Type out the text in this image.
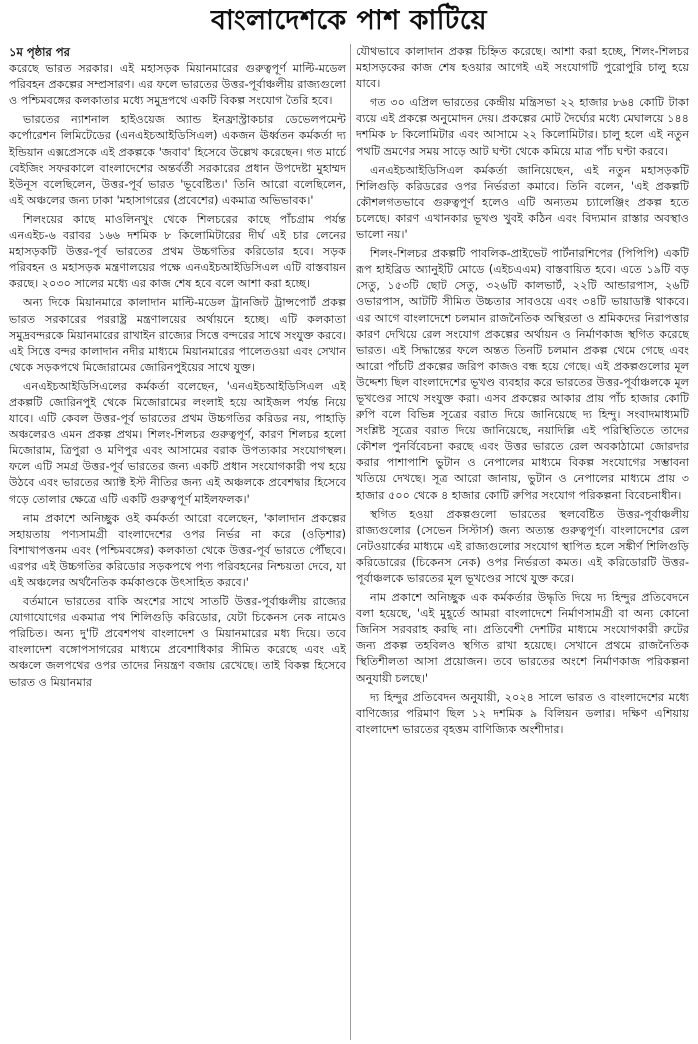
বাংলাদেশকে পাশ কাটিয়ে
১ম পৃষ্ঠার পর

করেছে ভারত সরকার। এই মহাসড়ক মিয়ানমারের গুরুত্বপূর্ণ মাল্টি-মডেল পরিবহন প্রকল্পের সম্প্রসারণ। এর ফলে ভারতের উত্তর-পূর্বাঞ্চলীয় রাজ্যগুলো ও পশ্চিমবঙ্গের কলকাতার মধ্যে সমুদ্রপথে একটি বিকল্প সংযোগ তৈরি হবে।

ভারতের ন্যাশনাল হাইওয়েজ অ্যান্ড ইনফ্রাস্ট্রাকচার ডেভেলপমেন্ট কর্পোরেশন লিমিটেডের (এনএইচআইডিসিএল) একজন ঊর্ধ্বতন কর্মকর্তা দ্য ইন্ডিয়ান এক্সপ্রেসকে এই প্রকল্পকে 'জবাব' হিসেবে উল্লেখ করেছেন। গত মার্চে বেইজিং সফরকালে বাংলাদেশের অন্তর্বর্তী সরকারের প্রধান উপদেষ্টা মুহাম্মদ ইউনূস বলেছিলেন, উত্তর-পূর্ব ভারত 'ভূবেষ্টিত।' তিনি আরো বলেছিলেন, এই অঞ্চলের জন্য ঢাকা 'মহাসাগরের (প্রবেশের) একমাত্র অভিভাবক।'

শিলংয়ের কাছে মাওলিনখুং থেকে শিলচরের কাছে পাঁচগ্রাম পর্যন্ত এনএইচ-৬ বরাবর ১৬৬ দশমিক ৮ কিলোমিটারের দীর্ঘ এই চার লেনের মহাসড়কটি উত্তর-পূর্ব ভারতের প্রথম উচ্চগতির করিডোর হবে। সড়ক পরিবহন ও মহাসড়ক মন্ত্রণালয়ের পক্ষে এনএইচআইডিসিএল এটি বাস্তবায়ন করছে। ২০৩০ সালের মধ্যে এর কাজ শেষ হবে বলে আশা করা হচ্ছে।

অন্য দিকে মিয়ানমারে কালাদান মাল্টি-মডেল ট্রানজিট ট্রান্সপোর্ট প্রকল্প ভারত সরকারের পররাষ্ট্র মন্ত্রণালয়ের অর্থায়নে হচ্ছে। এটি কলকাতা সমুদ্রবন্দরকে মিয়ানমারের রাখাইন রাজ্যের সিত্তে বন্দরের সাথে সংযুক্ত করবে। এই সিত্তে বন্দর কালাদান নদীর মাধ্যমে মিয়ানমারের পালেতওয়া এবং সেখান থেকে সড়কপথে মিজোরামের জোরিনপুইয়ের সাথে যুক্ত।

এনএইচআইডিসিএলের কর্মকর্তা বলেছেন, 'এনএইচআইডিসিএল এই প্রকল্পটি জোরিনপুই থেকে মিজোরামের লংলাই হয়ে আইজল পর্যন্ত নিয়ে যাবে। এটি কেবল উত্তর-পূর্ব ভারতের প্রথম উচ্চগতির করিডর নয়, পাহাড়ি অঞ্চলেরও এমন প্রকল্প প্রথম। শিলং-শিলচর গুরুত্বপূর্ণ, কারণ শিলচর হলো মিজোরাম, ত্রিপুরা ও মণিপুর এবং আসামের বরাক উপত্যকার সংযোগস্থল। ফলে এটি সমগ্র উত্তর-পূর্ব ভারতের জন্য একটি প্রধান সংযোগকারী পথ হয়ে উঠবে এবং ভারতের অ্যাক্ট ইস্ট নীতির জন্য এই অঞ্চলকে প্রবেশদ্বার হিসেবে গড়ে তোলার ক্ষেত্রে এটি একটি গুরুত্বপূর্ণ মাইলফলক।'

নাম প্রকাশে অনিচ্ছুক ওই কর্মকর্তা আরো বলেছেন, 'কালাদান প্রকল্পের সহায়তায় পণ্যসামগ্রী বাংলাদেশের ওপর নির্ভর না করে (ওড়িশার) বিশাখাপত্তনম এবং (পশ্চিমবঙ্গের) কলকাতা থেকে উত্তর-পূর্ব ভারতে পৌঁছবে। এরপর এই উচ্চগতির করিডোর সড়কপথে পণ্য পরিবহনের নিশ্চয়তা দেবে, যা এই অঞ্চলের অর্থনৈতিক কর্মকাণ্ডকে উৎসাহিত করবে।'

বর্তমানে ভারতের বাকি অংশের সাথে সাতটি উত্তর-পূর্বাঞ্চলীয় রাজ্যের যোগাযোগের একমাত্র পথ শিলিগুড়ি করিডোর, যেটা চিকেনস নেক নামেও পরিচিত। অন্য দু'টি প্রবেশপথ বাংলাদেশ ও মিয়ানমারের মধ্য দিয়ে। তবে বাংলাদেশ বঙ্গোপসাগরের মাধ্যমে প্রবেশাধিকার সীমিত করেছে এবং এই অঞ্চলে জলপথের ওপর তাদের নিয়ন্ত্রণ বজায় রেখেছে। তাই বিকল্প হিসেবে ভারত ও মিয়ানমার

যৌথভাবে কালাদান প্রকল্প চিহ্নিত করেছে। আশা করা হচ্ছে, শিলং-শিলচর মহাসড়কের কাজ শেষ হওয়ার আগেই এই সংযোগটি পুরোপুরি চালু হয়ে যাবে।

গত ৩০ এপ্রিল ভারতের কেন্দ্রীয় মন্ত্রিসভা ২২ হাজার ৮৬৪ কোটি টাকা ব্যয়ে এই প্রকল্পে অনুমোদন দেয়। প্রকল্পের মোট দৈর্ঘ্যের মধ্যে মেঘালয়ে ১৪৪ দশমিক ৮ কিলোমিটার এবং আসামে ২২ কিলোমিটার। চালু হলে এই নতুন পথটি ভ্রমণের সময় সাড়ে আট ঘণ্টা থেকে কমিয়ে মাত্র পাঁচ ঘণ্টা করবে।

এনএইচআইডিসিএল কর্মকর্তা জানিয়েছেন, এই নতুন মহাসড়কটি শিলিগুড়ি করিডরের ওপর নির্ভরতা কমাবে। তিনি বলেন, 'এই প্রকল্পটি কৌশলগতভাবে গুরুত্বপূর্ণ হলেও এটি অন্যতম চ্যালেঞ্জিং প্রকল্প হতে চলেছে। কারণ এখানকার ভূখণ্ড খুবই কঠিন এবং বিদ্যমান রাস্তার অবস্থাও ভালো নয়।'

শিলং-শিলচর প্রকল্পটি পাবলিক-প্রাইভেট পার্টনারশিপের (পিপিপি) একটি রূপ হাইব্রিড অ্যানুইটি মোডে (এইচএএম) বাস্তবায়িত হবে। এতে ১৯টি বড় সেতু, ১৫৩টি ছোট সেতু, ৩২৬টি কালভার্ট, ২২টি আন্ডারপাস, ২৬টি ওভারপাস, আটটি সীমিত উচ্চতার সাবওয়ে এবং ৩৪টি ভায়াডাক্ট থাকবে। এর আগে বাংলাদেশে চলমান রাজনৈতিক অস্থিরতা ও শ্রমিকদের নিরাপত্তার কারণ দেখিয়ে রেল সংযোগ প্রকল্পের অর্থায়ন ও নির্মাণকাজ স্থগিত করেছে ভারত। এই সিদ্ধান্তের ফলে অন্তত তিনটি চলমান প্রকল্প থেমে গেছে এবং আরো পাঁচটি প্রকল্পের জরিপ কাজও বন্ধ হয়ে গেছে। এই প্রকল্পগুলোর মূল উদ্দেশ্য ছিল বাংলাদেশের ভূখণ্ড ব্যবহার করে ভারতের উত্তর-পূর্বাঞ্চলকে মূল ভূখণ্ডের সাথে সংযুক্ত করা। এসব প্রকল্পের আকার প্রায় পাঁচ হাজার কোটি রুপি বলে বিভিন্ন সূত্রের বরাত দিয়ে জানিয়েছে দ্য হিন্দু। সংবাদমাধ্যমটি সংশ্লিষ্ট সূত্রের বরাত দিয়ে জানিয়েছে, নয়াদিল্লি এই পরিস্থিতিতে তাদের কৌশল পুনর্বিবেচনা করছে এবং উত্তর ভারতে রেল অবকাঠামো জোরদার করার পাশাপাশি ভুটান ও নেপালের মাধ্যমে বিকল্প সংযোগের সম্ভাবনা খতিয়ে দেখছে। সূত্র আরো জানায়, ভুটান ও নেপালের মাধ্যমে প্রায় ৩ হাজার ৫০০ থেকে ৪ হাজার কোটি রুপির সংযোগ পরিকল্পনা বিবেচনাধীন।

স্থগিত হওয়া প্রকল্পগুলো ভারতের স্থলবেষ্টিত উত্তর-পূর্বাঞ্চলীয় রাজ্যগুলোর (সেভেন সিস্টার্স) জন্য অত্যন্ত গুরুত্বপূর্ণ। বাংলাদেশের রেল নেটওয়ার্কের মাধ্যমে এই রাজ্যগুলোর সংযোগ স্থাপিত হলে সঙ্কীর্ণ শিলিগুড়ি করিডোরের (চিকেনস নেক) ওপর নির্ভরতা কমত। এই করিডোরটি উত্তর-পূর্বাঞ্চলকে ভারতের মূল ভূখণ্ডের সাথে যুক্ত করে।

নাম প্রকাশে অনিচ্ছুক এক কর্মকর্তার উদ্ধৃতি দিয়ে দ্য হিন্দুর প্রতিবেদনে বলা হয়েছে, 'এই মুহূর্তে আমরা বাংলাদেশে নির্মাণসামগ্রী বা অন্য কোনো জিনিস সরবরাহ করছি না। প্রতিবেশী দেশটির মাধ্যমে সংযোগকারী রুটের জন্য প্রকল্প তহবিলও স্থগিত রাখা হয়েছে। সেখানে প্রথমে রাজনৈতিক স্থিতিশীলতা আসা প্রয়োজন। তবে ভারতের অংশে নির্মাণকাজ পরিকল্পনা অনুযায়ী চলছে।'

দ্য হিন্দুর প্রতিবেদন অনুযায়ী, ২০২৪ সালে ভারত ও বাংলাদেশের মধ্যে বাণিজ্যের পরিমাণ ছিল ১২ দশমিক ৯ বিলিয়ন ডলার। দক্ষিণ এশিয়ায় বাংলাদেশ ভারতের বৃহত্তম বাণিজ্যিক অংশীদার।
